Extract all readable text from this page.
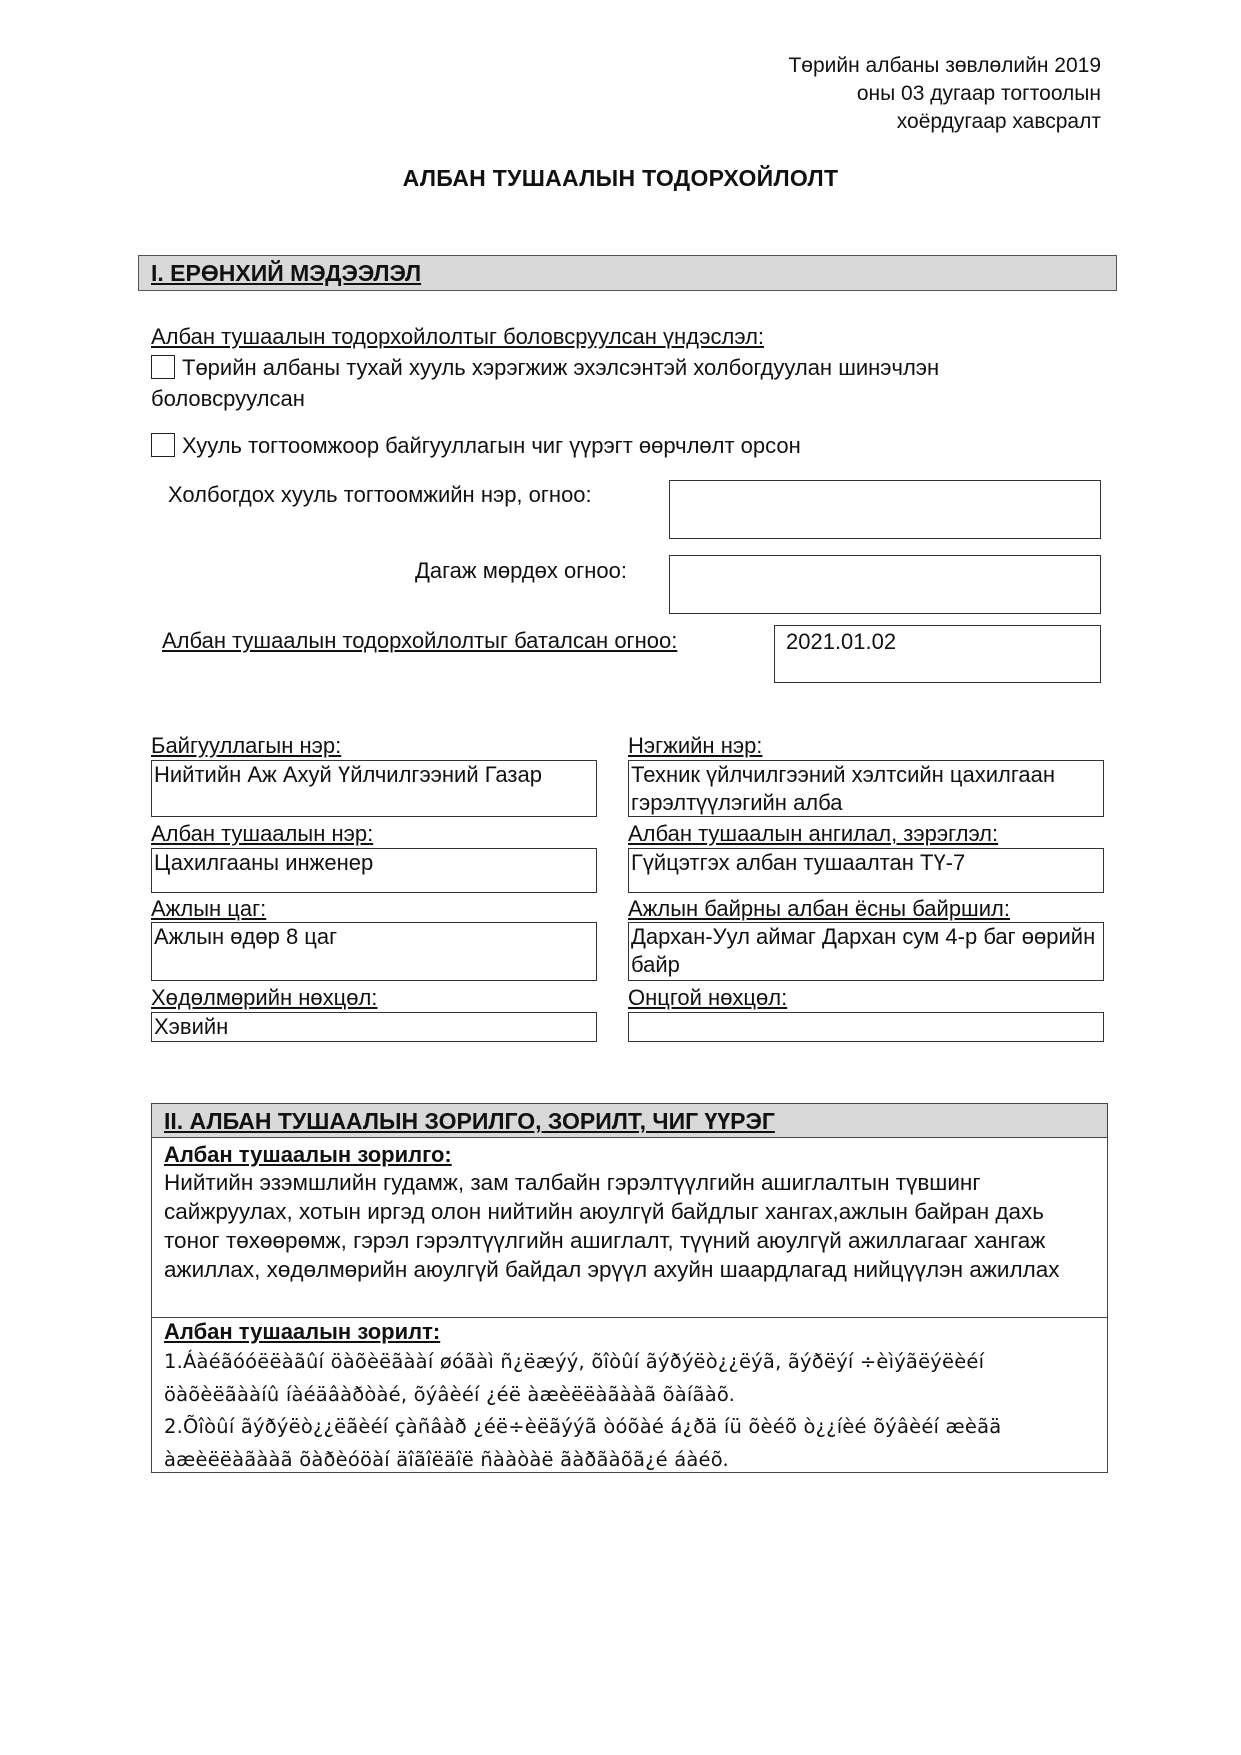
Төрийн албаны зөвлөлийн 2019
оны 03 дугаар тогтоолын
хоёрдугаар хавсралт
АЛБАН ТУШААЛЫН ТОДОРХОЙЛОЛТ
I. ЕРӨНХИЙ МЭДЭЭЛЭЛ
Албан тушаалын тодорхойлолтыг боловсруулсан үндэслэл:
Төрийн албаны тухай хууль хэрэгжиж эхэлсэнтэй холбогдуулан шинэчлэн
боловсруулсан
Хууль тогтоомжоор байгууллагын чиг үүрэгт өөрчлөлт орсон
Холбогдох хууль тогтоомжийн нэр, огноо:
Дагаж мөрдөх огноо:
Албан тушаалын тодорхойлолтыг баталсан огноо:	2021.01.02
Байгууллагын нэр:
Нийтийн Аж Ахуй Үйлчилгээний Газар
Албан тушаалын нэр:
Цахилгааны инженер
Ажлын цаг:
Ажлын өдөр 8 цаг
Хөдөлмөрийн нөхцөл:
Хэвийн
Нэгжийн нэр:
Техник үйлчилгээний хэлтсийн цахилгаан гэрэлтүүлэгийн алба
Албан тушаалын ангилал, зэрэглэл:
Гүйцэтгэх албан тушаалтан ТҮ-7
Ажлын байрны албан ёсны байршил:
Дархан-Уул аймаг Дархан сум 4-р баг өөрийн байр
Онцгой нөхцөл:
II. АЛБАН ТУШААЛЫН ЗОРИЛГО, ЗОРИЛТ, ЧИГ ҮҮРЭГ
Албан тушаалын зорилго:
Нийтийн эзэмшлийн гудамж, зам талбайн гэрэлтүүлгийн ашиглалтын түвшинг сайжруулах, хотын иргэд олон нийтийн аюулгүй байдлыг хангах,ажлын байран дахь тоног төхөөрөмж, гэрэл гэрэлтүүлгийн ашиглалт, түүний аюулгүй ажиллагааг хангаж ажиллах, хөдөлмөрийн аюулгүй байдал эрүүл ахуйн шаардлагад нийцүүлэн ажиллах
Албан тушаалын зорилт:
1.Áàéãóóëëàãûí öàõèëãààí øóãàì ñ¿ëæýý, õîòûí ãýðýëò¿¿ëýã, ãýðëýí ÷èìýãëýëèéí öàõèëãààíû íàéäâàðòàé, õýâèéí ¿éë àæèëëàãààã õàíãàõ.
2.Õîòûí ãýðýëò¿¿ëãèéí çàñâàð ¿éë÷èëãýýã òóõàé á¿ðä íü õèéõ ò¿¿íèé õýâèéí æèãä àæèëëàãààã õàðèóöàí äîãîëäîë ñààòàë ãàðãàõã¿é áàéõ.
